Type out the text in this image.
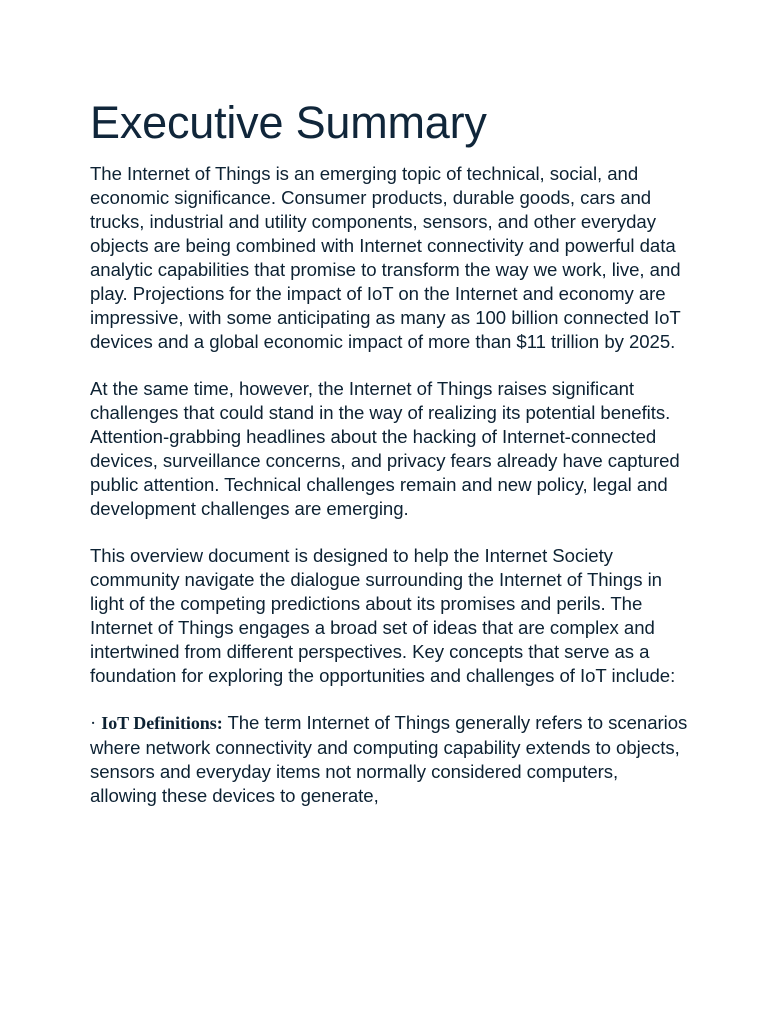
Executive Summary

The Internet of Things is an emerging topic of technical, social, and economic significance. Consumer products, durable goods, cars and trucks, industrial and utility components, sensors, and other everyday objects are being combined with Internet connectivity and powerful data analytic capabilities that promise to transform the way we work, live, and play. Projections for the impact of IoT on the Internet and economy are impressive, with some anticipating as many as 100 billion connected IoT devices and a global economic impact of more than $11 trillion by 2025.

At the same time, however, the Internet of Things raises significant challenges that could stand in the way of realizing its potential benefits. Attention-grabbing headlines about the hacking of Internet-connected devices, surveillance concerns, and privacy fears already have captured public attention. Technical challenges remain and new policy, legal and development challenges are emerging.

This overview document is designed to help the Internet Society community navigate the dialogue surrounding the Internet of Things in light of the competing predictions about its promises and perils. The Internet of Things engages a broad set of ideas that are complex and intertwined from different perspectives. Key concepts that serve as a foundation for exploring the opportunities and challenges of IoT include:

· IoT Definitions: The term Internet of Things generally refers to scenarios where network connectivity and computing capability extends to objects, sensors and everyday items not normally considered computers, allowing these devices to generate,
